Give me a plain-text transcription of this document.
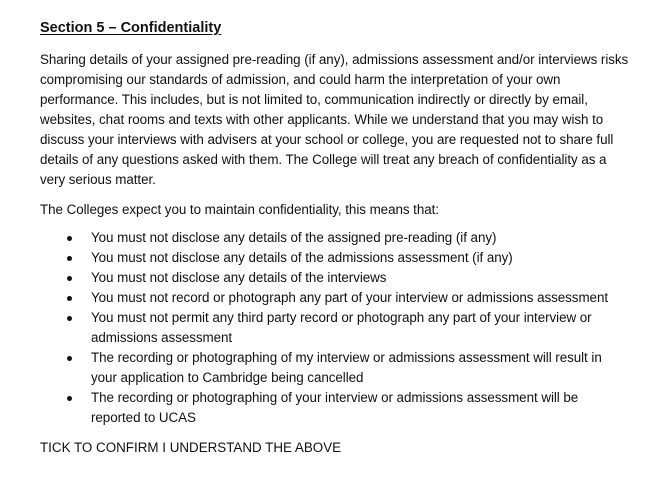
Section 5 – Confidentiality

Sharing details of your assigned pre-reading (if any), admissions assessment and/or interviews risks compromising our standards of admission, and could harm the interpretation of your own performance. This includes, but is not limited to, communication indirectly or directly by email, websites, chat rooms and texts with other applicants. While we understand that you may wish to discuss your interviews with advisers at your school or college, you are requested not to share full details of any questions asked with them. The College will treat any breach of confidentiality as a very serious matter.

The Colleges expect you to maintain confidentiality, this means that:

You must not disclose any details of the assigned pre-reading (if any)
You must not disclose any details of the admissions assessment (if any)
You must not disclose any details of the interviews
You must not record or photograph any part of your interview or admissions assessment
You must not permit any third party record or photograph any part of your interview or admissions assessment
The recording or photographing of my interview or admissions assessment will result in your application to Cambridge being cancelled
The recording or photographing of your interview or admissions assessment will be reported to UCAS

TICK TO CONFIRM I UNDERSTAND THE ABOVE
